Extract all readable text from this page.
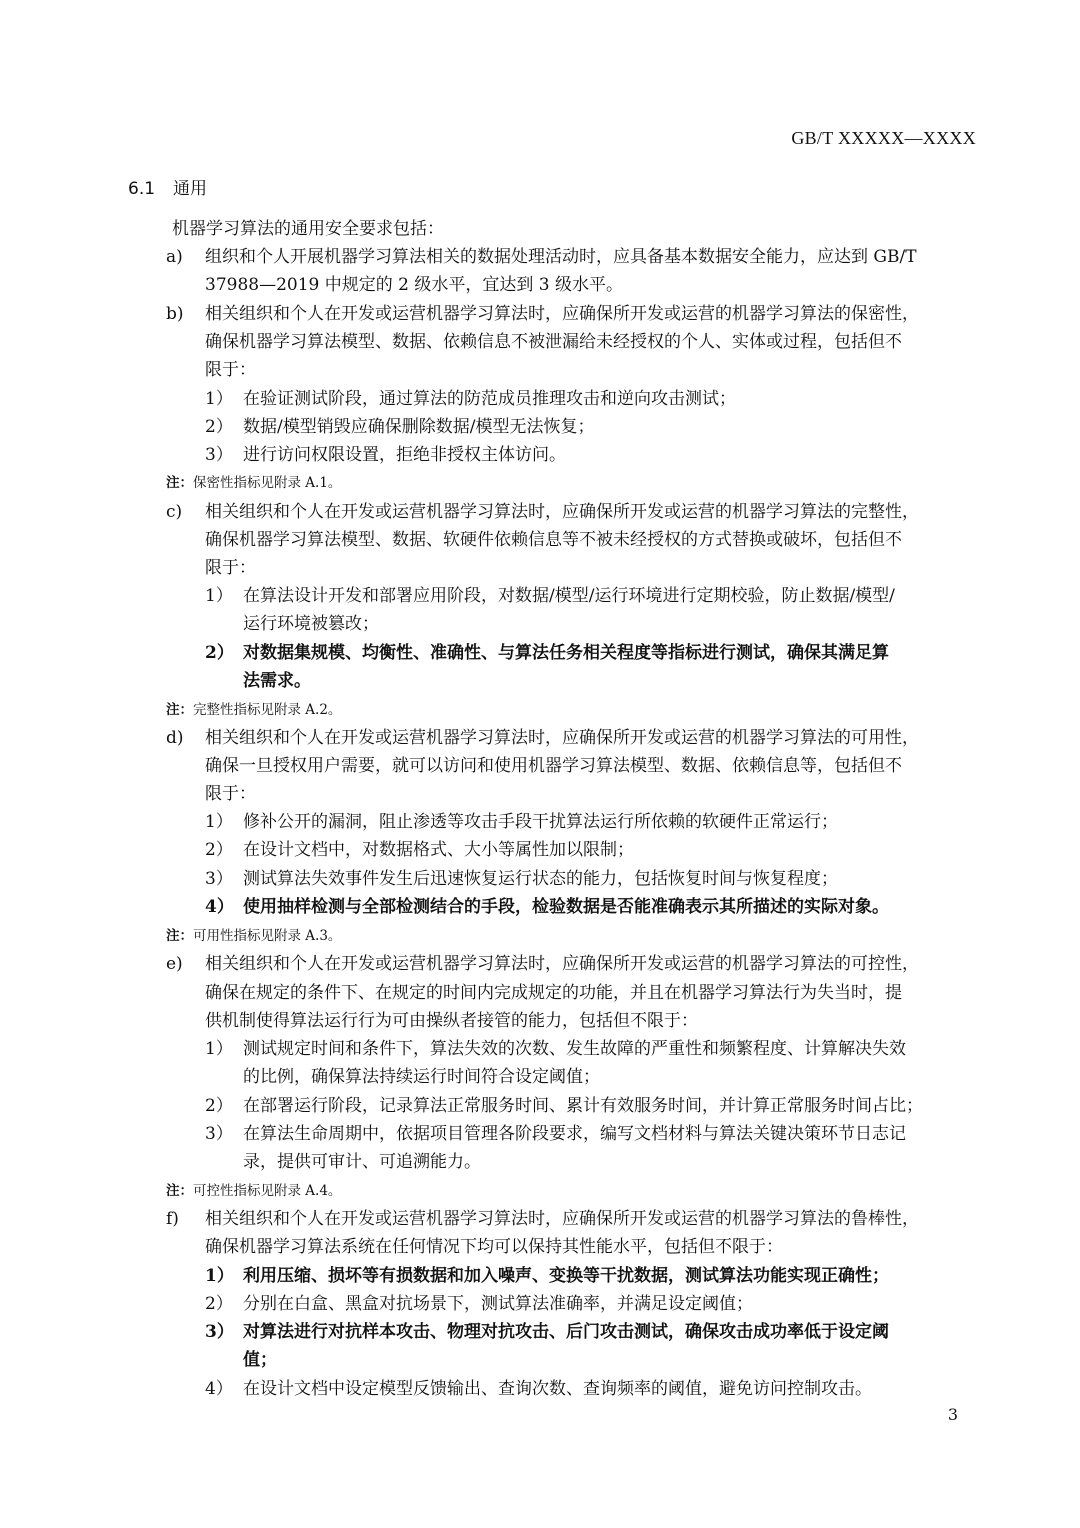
GB/T XXXXX—XXXX
6.1 通用
机器学习算法的通用安全要求包括：
a) 组织和个人开展机器学习算法相关的数据处理活动时，应具备基本数据安全能力，应达到 GB/T
37988—2019 中规定的 2 级水平，宜达到 3 级水平。
b) 相关组织和个人在开发或运营机器学习算法时，应确保所开发或运营的机器学习算法的保密性，
确保机器学习算法模型、数据、依赖信息不被泄漏给未经授权的个人、实体或过程，包括但不
限于：
1） 在验证测试阶段，通过算法的防范成员推理攻击和逆向攻击测试；
2） 数据/模型销毁应确保删除数据/模型无法恢复；
3） 进行访问权限设置，拒绝非授权主体访问。
注：保密性指标见附录 A.1。
c) 相关组织和个人在开发或运营机器学习算法时，应确保所开发或运营的机器学习算法的完整性，
确保机器学习算法模型、数据、软硬件依赖信息等不被未经授权的方式替换或破坏，包括但不
限于：
1） 在算法设计开发和部署应用阶段，对数据/模型/运行环境进行定期校验，防止数据/模型/
运行环境被篡改；
2） 对数据集规模、均衡性、准确性、与算法任务相关程度等指标进行测试，确保其满足算
法需求。
注：完整性指标见附录 A.2。
d) 相关组织和个人在开发或运营机器学习算法时，应确保所开发或运营的机器学习算法的可用性，
确保一旦授权用户需要，就可以访问和使用机器学习算法模型、数据、依赖信息等，包括但不
限于：
1） 修补公开的漏洞，阻止渗透等攻击手段干扰算法运行所依赖的软硬件正常运行；
2） 在设计文档中，对数据格式、大小等属性加以限制；
3） 测试算法失效事件发生后迅速恢复运行状态的能力，包括恢复时间与恢复程度；
4） 使用抽样检测与全部检测结合的手段，检验数据是否能准确表示其所描述的实际对象。
注：可用性指标见附录 A.3。
e) 相关组织和个人在开发或运营机器学习算法时，应确保所开发或运营的机器学习算法的可控性，
确保在规定的条件下、在规定的时间内完成规定的功能，并且在机器学习算法行为失当时，提
供机制使得算法运行行为可由操纵者接管的能力，包括但不限于：
1） 测试规定时间和条件下，算法失效的次数、发生故障的严重性和频繁程度、计算解决失效
的比例，确保算法持续运行时间符合设定阈值；
2） 在部署运行阶段，记录算法正常服务时间、累计有效服务时间，并计算正常服务时间占比；
3） 在算法生命周期中，依据项目管理各阶段要求，编写文档材料与算法关键决策环节日志记
录，提供可审计、可追溯能力。
注：可控性指标见附录 A.4。
f) 相关组织和个人在开发或运营机器学习算法时，应确保所开发或运营的机器学习算法的鲁棒性，
确保机器学习算法系统在任何情况下均可以保持其性能水平，包括但不限于：
1） 利用压缩、损坏等有损数据和加入噪声、变换等干扰数据，测试算法功能实现正确性；
2） 分别在白盒、黑盒对抗场景下，测试算法准确率，并满足设定阈值；
3） 对算法进行对抗样本攻击、物理对抗攻击、后门攻击测试，确保攻击成功率低于设定阈
值；
4） 在设计文档中设定模型反馈输出、查询次数、查询频率的阈值，避免访问控制攻击。
3
